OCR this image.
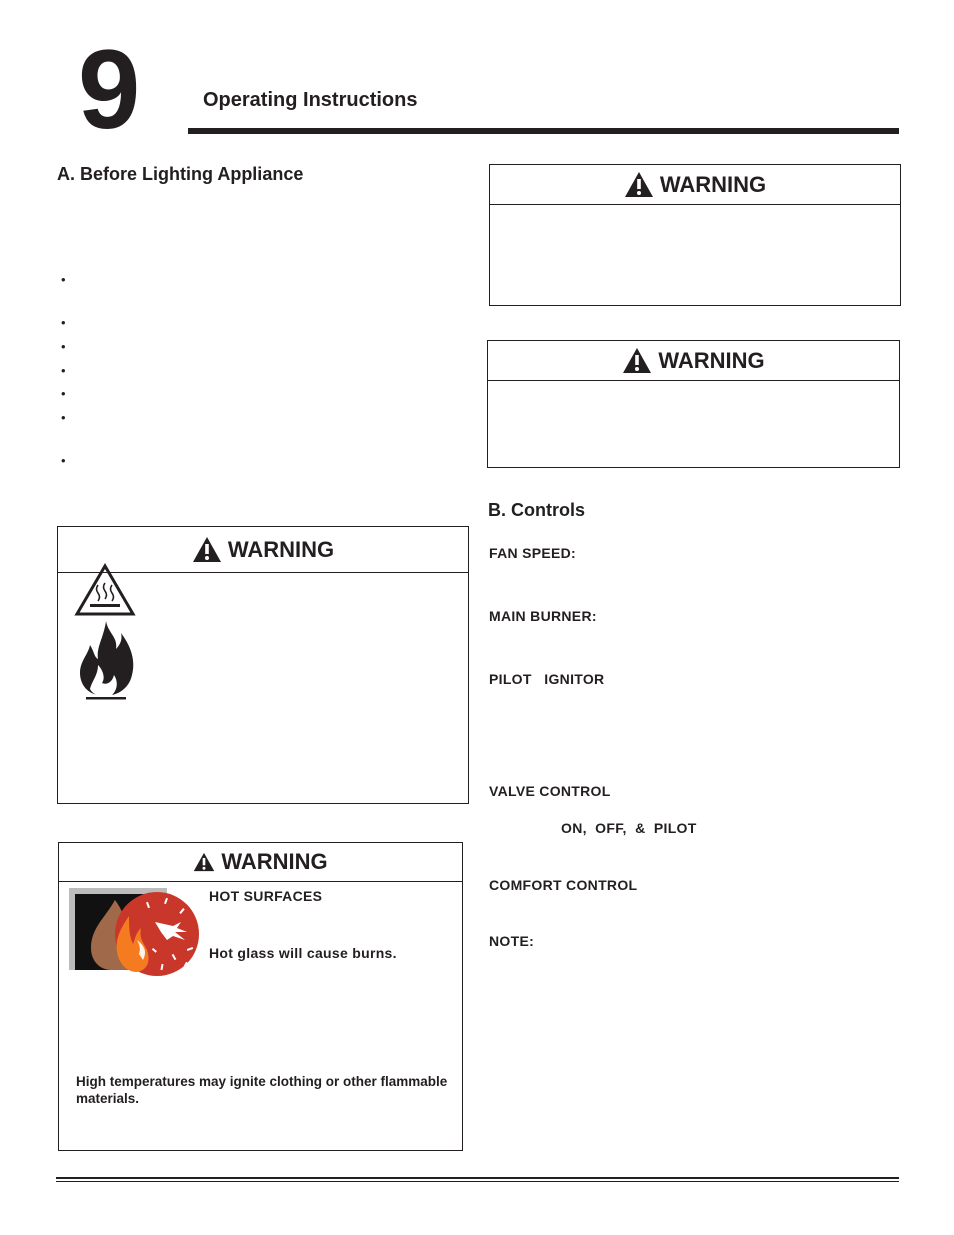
9	Operating Instructions
A. Before Lighting Appliance
•
•
•
•
•
•
•
WARNING
WARNING
WARNING
WARNING
HOT SURFACES
Hot glass will cause burns.
High temperatures may ignite clothing or other flammable materials.
B. Controls
FAN SPEED:
MAIN BURNER:
PILOT   IGNITOR
VALVE CONTROL
ON,  OFF,  &  PILOT
COMFORT CONTROL
NOTE:
